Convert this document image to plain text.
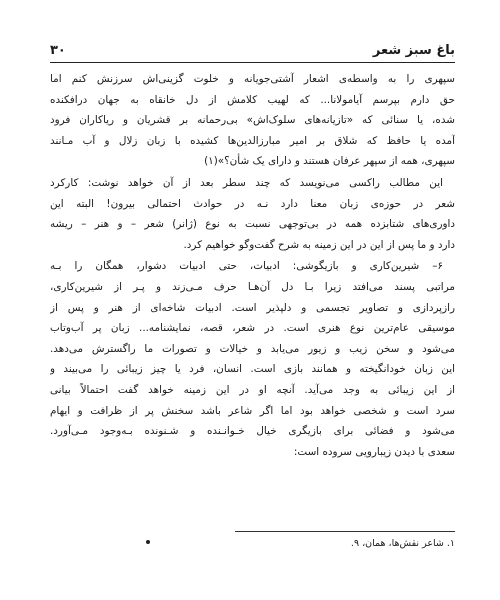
باغ سبز شعر
۳۰
سپهری را به واسطه‌ی اشعار آشتی‌جویانه و خلوت گزینی‌اش سرزنش کنم اما
حق دارم بپرسم آیامولانا... که لهیب کلامش از دل خانقاه به جهان درافکنده
شده، یا سنائی که «تازیانه‌های سلوک‌اش» بی‌رحمانه بر قشریان و ریاکاران فرود
آمده یا حافظ که شلاق بر امیر مبارزالدین‌ها کشیده با زبان زلال و آب مـانند
سپهری، همه از سپهر عرفان هستند و دارای یک شأن؟»(۱)
این مطالب راکسی می‌نویسد که چند سطر بعد از آن خواهد نوشت: کارکرد
شعر در حوزه‌ی زبان معنا دارد نـه در حوادث احتمالی بیرون! البته این
داوری‌های شتابزده همه در بی‌توجهی نسبت به نوع (ژانر) شعر – و هنر – ریشه
دارد و ما پس از این در این زمینه به شرح گفت‌وگو خواهیم کرد.
۶– شیرین‌کاری و بازیگوشی: ادبیات، حتی ادبیات دشوار، همگان را بـه
مراتبی پسند می‌افتد زیرا بـا دل آن‌هـا حرف مـی‌زند و پـر از شیرین‌کاری،
رازپردازی و تصاویر تجسمی و دلپذیر است. ادبیات شاخه‌ای از هنر و پس از
موسیقی عام‌ترین نوع هنری است. در شعر، قصه، نمایشنامه... زبان پر آب‌وتاب
می‌شود و سخن زیب و زیور می‌یابد و خیالات و تصورات ما راگسترش می‌دهد.
این زبان خودانگیخته و همانند بازی است. انسان، فرد یا چیز زیبائی را می‌بیند و
از این زیبائی به وجد می‌آید. آنچه او در این زمینه خواهد گفت احتمالاً بیانی
سرد است و شخصی خواهد بود اما اگر شاعر باشد سخنش پر از ظرافت و ایهام
می‌شود و فضائی برای بازیگری خیال خـوانـنده و شـنونده بـه‌وجود مـی‌آورد.
سعدی با دیدن زیبارویی سروده است:
۱. شاعر نقش‌ها، همان، ۹.
